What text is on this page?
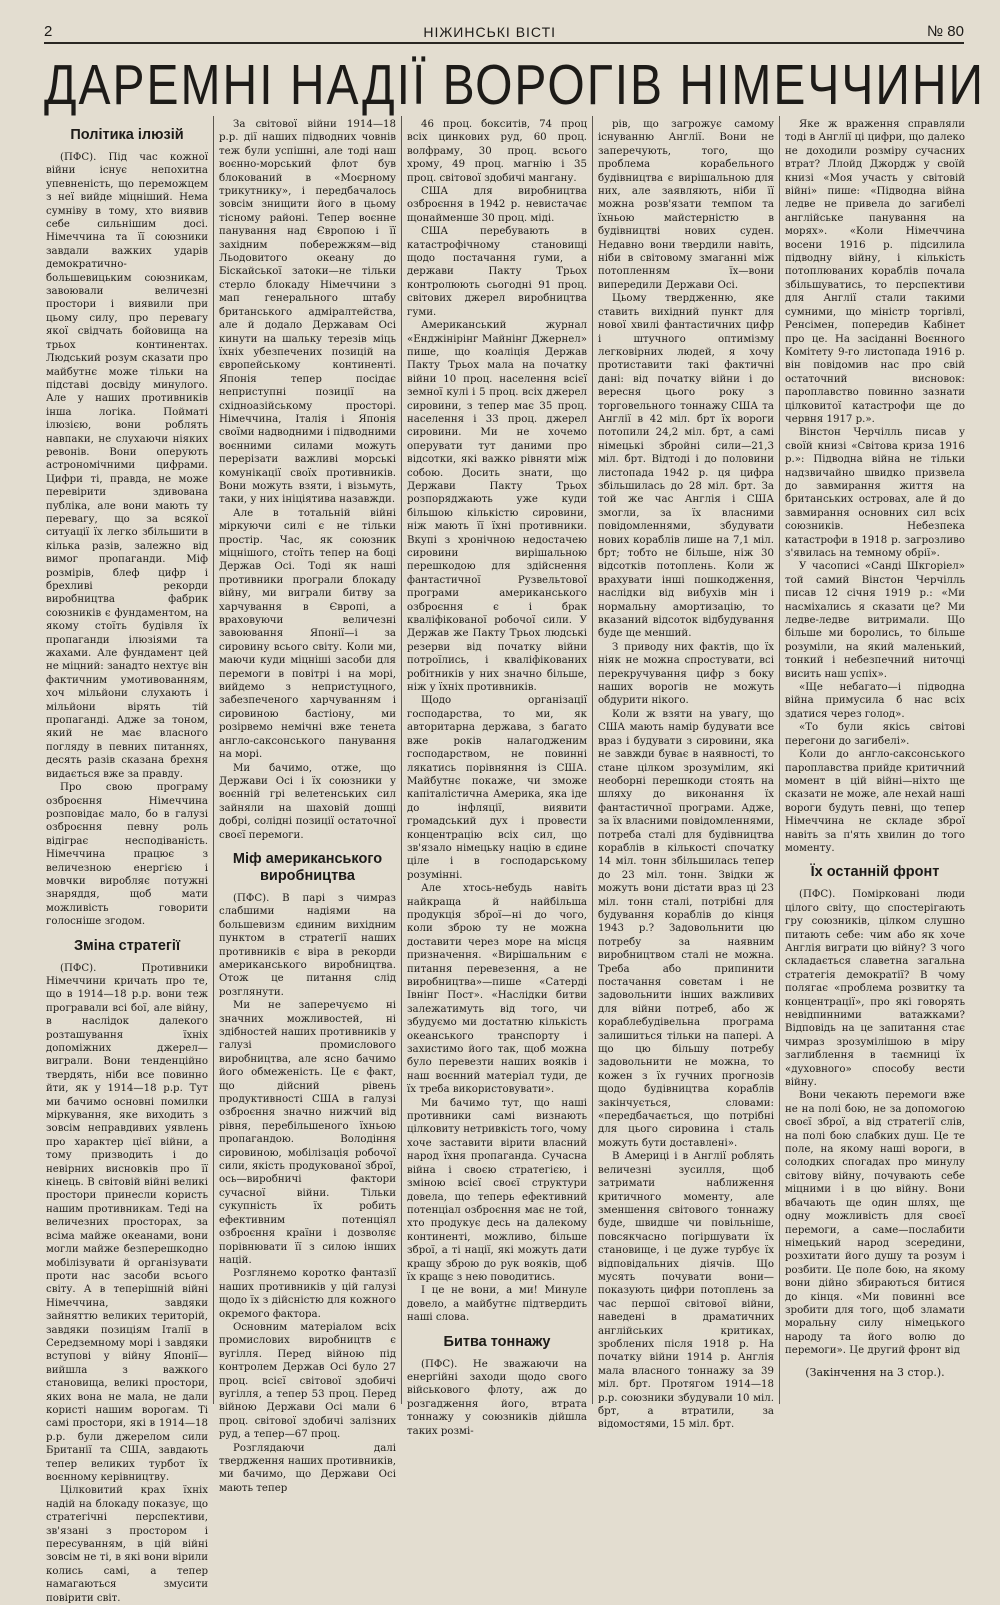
2	НІЖИНСЬКІ ВІСТІ	№ 80
ДАРЕМНІ НАДІЇ ВОРОГІВ НІМЕЧЧИНИ
Політика ілюзій

(ПФС). Під час кожної війни існує непохитна упевненість, що переможцем з неї вийде міцніший. Нема сумніву в тому, хто виявив себе сильнішим досі. Німеччина та її союзники завдали важких ударів демократично-большевицьким союзникам, завоювали величезні простори і виявили при цьому силу, про перевагу якої свідчать бойовища на трьох континентах. Людський розум сказати про майбутнє може тільки на підставі досвіду минулого. Але у наших противників інша логіка. Пойматі ілюзією, вони роблять навпаки, не слухаючи ніяких ревонів. Вони оперують астрономічними цифрами. Цифри ті, правда, не може перевірити здивована публіка, але вони мають ту перевагу, що за всякої ситуації їх легко збільшити в кілька разів, залежно від вимог пропаганди. Міф розмірів, блеф цифр і брехливі рекорди виробництва фабрик союзників є фундаментом, на якому стоїть будівля їх пропаганди ілюзіями та жахами. Але фундамент цей не міцний: занадто нехтує він фактичним умотивованням, хоч мільйони слухають і мільйони вірять тій пропаганді. Адже за тоном, який не має власного погляду в певних питаннях, десять разів сказана брехня видається вже за правду.

Про свою програму озброєння Німеччина розповідає мало, бо в галузі озброєння певну роль відіграє несподіваність. Німеччина працює з величезною енергією і мовчки виробляє потужні знаряддя, щоб мати можливість говорити голосніше згодом.

Зміна стратегії

(ПФС). Противники Німеччини кричать про те, що в 1914—18 р.р. вони теж програвали всі бої, але війну, в наслідок далекого розташування їхніх допоміжних джерел—виграли. Вони тенденційно твердять, ніби все повинно йти, як у 1914—18 р.р. Тут ми бачимо основні помилки міркування, яке виходить з зовсім неправдивих уявлень про характер цієї війни, а тому призводить і до невірних висновків про її кінець. В світовій війні великі простори принесли користь нашим противникам. Теді на величезних просторах, за всіма майже океанами, вони могли майже безперешкодно мобілізувати й організувати проти нас засоби всього світу. А в теперішній війні Німеччина, завдяки зайняттю великих територій, завдяки позиціям Італії в Середземному морі і завдяки вступові у війну Японії—вийшла з важкого становища, великі простори, яких вона не мала, не дали користі нашим ворогам. Ті самі простори, які в 1914—18 р.р. були джерелом сили Британії та США, завдають тепер великих турбот їх воєнному керівництву.

Цілковитий крах їхніх надій на блокаду показує, що стратегічні перспективи, зв'язані з простором і пересуванням, в цій війні зовсім не ті, в які вони вірили колись самі, а тепер намагаються змусити повірити світ.

За світової війни 1914—18 р.р. дії наших підводних човнів теж були успішні, але тоді наш воєнно-морський флот був блокований в «Моєрному трикутнику», і передбачалось зовсім знищити його в цьому тісному районі. Тепер воєнне панування над Європою і її західним побережжям—від Льодовитого океану до Біскайської затоки—не тільки стерло блокаду Німеччини з мап генерального штабу британського адміралтейства, але й додало Державам Осі кинути на шальку терезів міць їхніх убезпечених позицій на європейському континенті. Японія тепер посідає неприступні позиції на східноазійському просторі. Німеччина, Італія і Японія своїми надводними і підводними воєнними силами можуть перерізати важливі морські комунікації своїх противників. Вони можуть взяти, і візьмуть, таки, у них ініціятива назавжди.

Але в тотальній війні міркуючи силі є не тільки простір. Час, як союзник міцнішого, стоїть тепер на боці Держав Осі. Тоді як наші противники програли блокаду війну, ми виграли битву за харчування в Європі, а враховуючи величезні завоювання Японії—і за сировину всього світу. Коли ми, маючи куди міцніші засоби для перемоги в повітрі і на морі, вийдемо з непристуцного, забезпеченого харчуванням і сировиною бастіону, ми розірвемо немічні вже тенета англо-саксонського панування на морі.

Ми бачимо, отже, що Держави Осі і їх союзники у воєнній грі велетенських сил зайняли на шаховій дошці добрі, солідні позиції остаточної своєї перемоги.

Міф американського виробництва

(ПФС). В парі з чимраз слабшими надіями на большевизм єдиним вихідним пунктом в стратегії наших противників є віра в рекорди американського виробництва. Отож це питання слід розглянути.

Ми не заперечуємо ні значних можливостей, ні здібностей наших противників у галузі промислового виробництва, але ясно бачимо його обмеженість. Це є факт, що дійсний рівень продуктивності США в галузі озброєння значно нижчий від рівня, перебільшеного їхньою пропагандою. Володіння сировиною, мобілізація робочої сили, якість продукованої зброї, ось—виробничі фактори сучасної війни. Тільки сукупність їх робить ефективним потенціял озброєння країни і дозволяє порівнювати її з силою інших націй.

Розглянемо коротко фантазії наших противників у цій галузі щодо їх з дійсністю для кожного окремого фактора.

Основним матеріалом всіх промислових виробництв є вугілля. Перед війною під контролем Держав Осі було 27 проц. всієї світової здобичі вугілля, а тепер 53 проц. Перед війною Держави Осі мали 6 проц. світової здобичі залізних руд, а тепер—67 проц.

Розглядаючи далі твердження наших противників, ми бачимо, що Держави Осі мають тепер

46 проц. бокситів, 74 проц всіх цинкових руд, 60 проц. волфраму, 30 проц. всього хрому, 49 проц. магнію і 35 проц. світової здобичі мангану.

США для виробництва озброєння в 1942 р. невистачає щонайменше 30 проц. міді.

США перебувають в катастрофічному становищі щодо постачання гуми, а держави Пакту Трьох контролюють сьогодні 91 проц. світових джерел виробництва гуми.

Американський журнал «Енджінірінг Майнінг Джернел» пише, що коаліція Держав Пакту Трьох мала на початку війни 10 проц. населення всієї земної кулі і 5 проц. всіх джерел сировини, з тепер має 35 проц. населення і 33 проц. джерел сировини. Ми не хочемо оперувати тут даними про відсотки, які важко рівняти між собою. Досить знати, що Держави Пакту Трьох розпоряджають уже куди більшою кількістю сировини, ніж мають її їхні противники. Вкупі з хронічною недостачею сировини вирішальною перешкодою для здійснення фантастичної Рузвельтової програми американського озброєння є і брак кваліфікованої робочої сили. У Держав же Пакту Трьох людські резерви від початку війни потроїлись, і кваліфікованих робітників у них значно більше, ніж у їхніх противників.

Щодо організації господарства, то ми, як авторитарна держава, з багато вже років налагодженим господарством, не повинні лякатись порівняння із США. Майбутнє покаже, чи зможе капіталістична Америка, яка іде до інфляції, виявити громадський дух і провести концентрацію всіх сил, що зв'язало німецьку націю в єдине ціле і в господарському розумінні.

Але хтось-небудь навіть найкраща й найбільша продукція зброї—ні до чого, коли зброю ту не можна доставити через море на місця призначення. «Вирішальним є питання перевезення, а не виробництва»—пише «Сатерді Івнінг Пост». «Наслідки битви залежатимуть від того, чи збудуємо ми достатню кількість океанського транспорту і захистимо його так, щоб можна було перевезти наших вояків і наш воєнний матеріал туди, де їх треба використовувати».

Ми бачимо тут, що наші противники самі визнають цілковиту нетривкість того, чому хоче заставити вірити власний народ їхня пропаганда. Сучасна війна і своєю стратегією, і зміною всієї своєї структури довела, що теперь ефективний потенціал озброєння має не той, хто продукує десь на далекому континенті, можливо, більше зброї, а ті нації, які можуть дати кращу зброю до рук вояків, щоб їх кращє з нею поводитись.

І це не вони, а ми! Минуле довело, а майбутнє підтвердить наші слова.

Битва тоннажу

(ПФС). Не зважаючи на енергійні заходи щодо свого військового флоту, аж до розгадження його, втрата тоннажу у союзників дійшла таких розмі-

рів, що загрожує самому існуванню Англії. Вони не заперечують, того, що проблема корабельного будівництва є вирішальною для них, але заявляють, ніби її можна розв'язати темпом та їхньою майстерністю в будівництві нових суден. Недавно вони твердили навіть, ніби в світовому змаганні між потопленням їх—вони випередили Держави Осі.

Цьому твердженню, яке ставить вихідний пункт для нової хвилі фантастичних цифр і штучного оптимізму легковірних людей, я хочу протиставити такі фактичні дані: від початку війни і до вересня цього року з торговельного тоннажу США та Англії в 42 міл. брт їх вороги потопили 24,2 міл. брт, а самі німецькі збройні сили—21,3 міл. брт. Відтоді і до половини листопада 1942 р. ця цифра збільшилась до 28 міл. брт. За той же час Англія і США змогли, за їх власними повідомленнями, збудувати нових кораблів лише на 7,1 міл. брт; тобто не більше, ніж 30 відсотків потоплень. Коли ж врахувати інші пошкодження, наслідки від вибухів мін і нормальну амортизацію, то вказаний відсоток відбудування буде ще менший.

З приводу них фактів, що їх ніяк не можна спростувати, всі перекручування цифр з боку наших ворогів не можуть обдурити нікого.

Коли ж взяти на увагу, що США мають намір будувати все враз і будувати з сировини, яка не завжди буває в наявності, то стане цілком зрозумілим, які необорні перешкоди стоять на шляху до виконання їх фантастичної програми. Адже, за їх власними повідомленнями, потреба сталі для будівництва кораблів в кількості спочатку 14 міл. тонн збільшилась тепер до 23 міл. тонн. Звідки ж можуть вони дістати враз ці 23 міл. тонн сталі, потрібні для будування кораблів до кінця 1943 р.? Задовольнити цю потребу за наявним виробництвом сталі не можна. Треба або припинити постачання совєтам і не задовольнити інших важливих для війни потреб, або ж кораблебудівельна програма залишиться тільки на папері. А що цю більшу потребу задовольнити не можна, то кожен з їх гучних прогнозів щодо будівництва кораблів закінчується, словами: «передбачається, що потрібні для цього сировина і сталь можуть бути доставлені».

В Америці і в Англії роблять величезні зусилля, щоб затримати наближення критичного моменту, але зменшення світового тоннажу буде, швидше чи повільніше, повсякчасно погіршувати їх становище, і це дуже турбує їх відповідальних діячів. Що мусять почувати вони—показують цифри потоплень за час першої світової війни, наведені в драматичних англійських критиках, зроблених після 1918 р. На початку війни 1914 р. Англія мала власного тоннажу за 39 міл. брт. Протягом 1914—18 р.р. союзники збудували 10 міл. брт, а втратили, за відомостями, 15 міл. брт.

Яке ж враження справляли тоді в Англії ці цифри, що далеко не доходили розміру сучасних втрат? Ллойд Джордж у своїй книзі «Моя участь у світовій війні» пише: «Підводна війна ледве не привела до загибелі англійське панування на морях». «Коли Німеччина восени 1916 р. підсилила підводну війну, і кількість потоплюваних кораблів почала збільшуватись, то перспективи для Англії стали такими сумними, що міністр торгівлі, Ренсімен, попередив Кабінет про це. На засіданні Воєнного Комітету 9-го листопада 1916 р. він повідомив нас про свій остаточний висновок: пароплавство повинно зазнати цілковитої катастрофи ще до червня 1917 р.».

Вінстон Черчілль писав у своїй книзі «Світова криза 1916 р.»: Підводна війна не тільки надзвичайно швидко призвела до завмирання життя на британських островах, але й до завмирання основних сил всіх союзників. Небезпека катастрофи в 1918 р. загрозливо з'явилась на темному обрії».

У часописі «Санді Шкгоріел» той самий Вінстон Черчілль писав 12 січня 1919 р.: «Ми насміхались я сказати це? Ми ледве-ледве витримали. Що більше ми боролись, то більше розуміли, на який маленький, тонкий і небезпечний ниточці висить наш успіх».

«Ще небагато—і підводна війна примусила б нас всіх здатися через голод».

«То були якісь світові перегони до загибелі».

Коли до англо-саксонського пароплавства прийде критичний момент в цій війні—ніхто ще сказати не може, але нехай наші вороги будуть певні, що тепер Німеччина не складе зброї навіть за п'ять хвилин до того моменту.

Їх останній фронт

(ПФС). Поміркованi люди цілого світу, що спостерігають гру союзників, цілком слушно питають себе: чим або як хоче Англія виграти цю війну? З чого складається славетна загальна стратегія демократії? В чому полягає «проблема розвитку та концентрації», про які говорять невідпинними ватажками? Відповідь на це запитання стає чимраз зрозумілішою в міру заглиблення в таємниці їх «духовного» способу вести війну.

Вони чекають перемоги вже не на полі бою, не за допомогою своєї зброї, а від стратегії слів, на полі бою слабких душ. Це те поле, на якому наші вороги, в солодких спогадах про минулу світову війну, почувають себе міцними і в цю війну. Вони вбачають ще один шлях, ще одну можливість для своєї перемоги, а саме—послабити німецький народ зсередини, розхитати його душу та розум і розбити. Це поле бою, на якому вони дійно збираються битися до кінця. «Ми повинні все зробити для того, щоб зламати моральну силу німецького народу та його волю до перемоги». Це другий фронт від

(Закінчення на 3 стор.).
